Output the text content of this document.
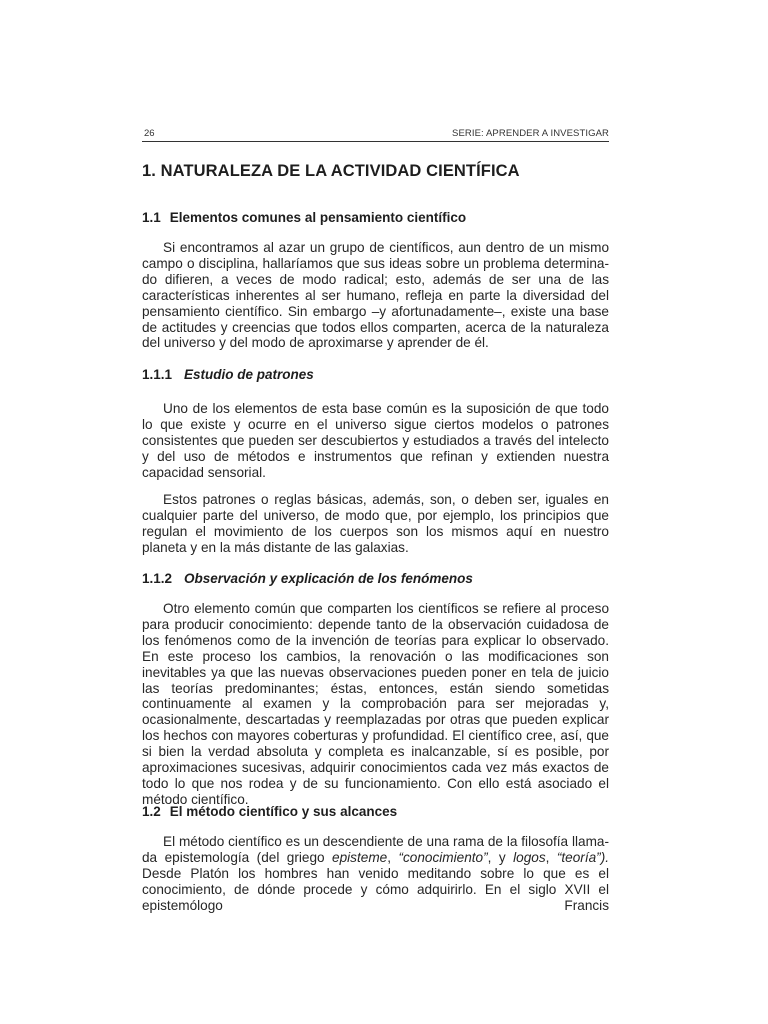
26	SERIE: APRENDER A INVESTIGAR
1. NATURALEZA DE LA ACTIVIDAD CIENTÍFICA
1.1 Elementos comunes al pensamiento científico

Si encontramos al azar un grupo de científicos, aun dentro de un mismo campo o disciplina, hallaríamos que sus ideas sobre un problema determinado difieren, a veces de modo radical; esto, además de ser una de las características inherentes al ser humano, refleja en parte la diversidad del pensamiento científico. Sin embargo –y afortunadamente–, existe una base de actitudes y creencias que todos ellos comparten, acerca de la naturaleza del universo y del modo de aproximarse y aprender de él.

1.1.1 Estudio de patrones

Uno de los elementos de esta base común es la suposición de que todo lo que existe y ocurre en el universo sigue ciertos modelos o patrones consistentes que pueden ser descubiertos y estudiados a través del intelecto y del uso de métodos e instrumentos que refinan y extienden nuestra capacidad sensorial.

Estos patrones o reglas básicas, además, son, o deben ser, iguales en cualquier parte del universo, de modo que, por ejemplo, los principios que regulan el movimiento de los cuerpos son los mismos aquí en nuestro planeta y en la más distante de las galaxias.

1.1.2 Observación y explicación de los fenómenos

Otro elemento común que comparten los científicos se refiere al proceso para producir conocimiento: depende tanto de la observación cuidadosa de los fenómenos como de la invención de teorías para explicar lo observado. En este proceso los cambios, la renovación o las modificaciones son inevitables ya que las nuevas observaciones pueden poner en tela de juicio las teorías predominantes; éstas, entonces, están siendo sometidas continuamente al examen y la comprobación para ser mejoradas y, ocasionalmente, descartadas y reemplazadas por otras que pueden explicar los hechos con mayores coberturas y profundidad. El científico cree, así, que si bien la verdad absoluta y completa es inalcanzable, sí es posible, por aproximaciones sucesivas, adquirir conocimientos cada vez más exactos de todo lo que nos rodea y de su funcionamiento. Con ello está asociado el método científico.

1.2 El método científico y sus alcances

El método científico es un descendiente de una rama de la filosofía llamada epistemología (del griego episteme, “conocimiento”, y logos, “teoría”). Desde Platón los hombres han venido meditando sobre lo que es el conocimiento, de dónde procede y cómo adquirirlo. En el siglo XVII el epistemólogo Francis
